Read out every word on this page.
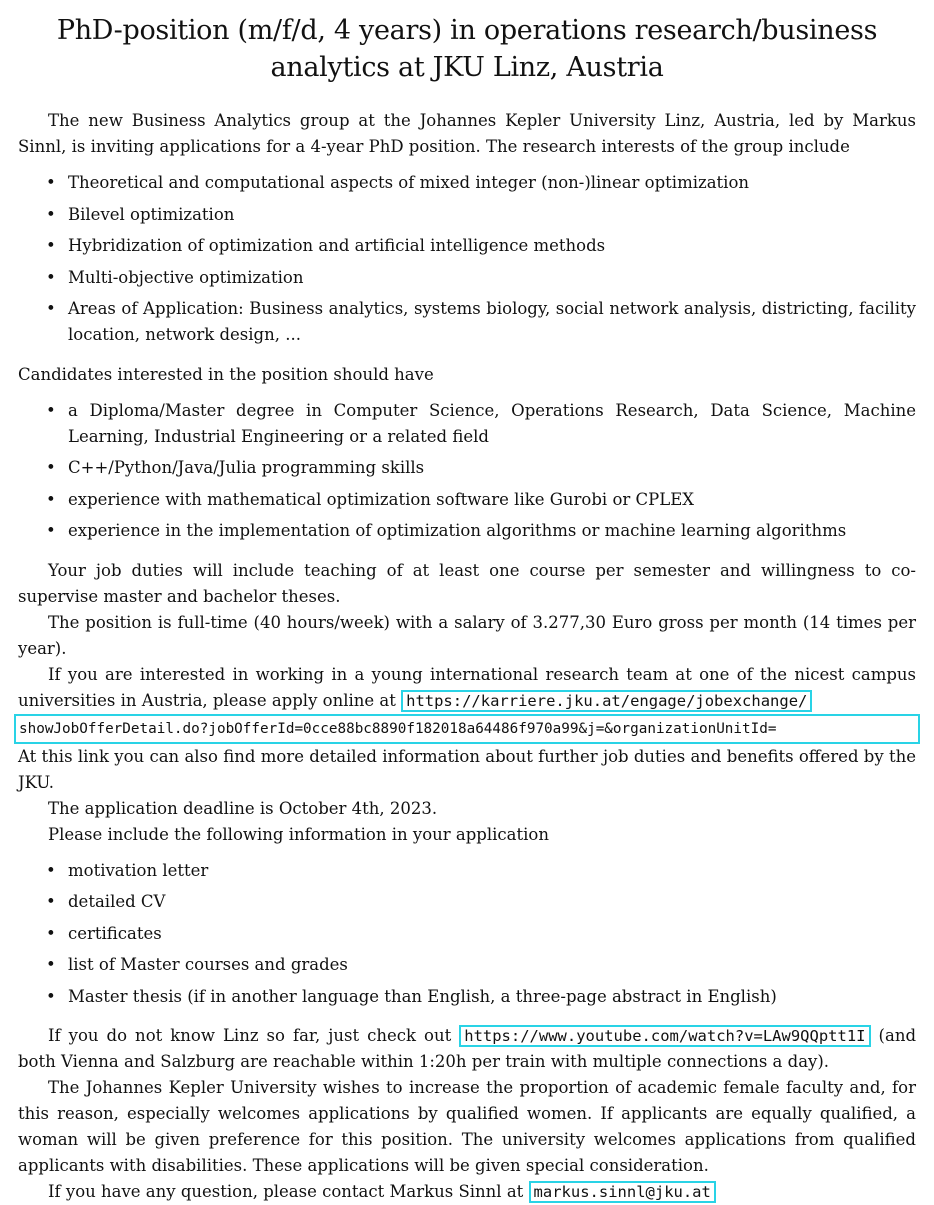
PhD-position (m/f/d, 4 years) in operations research/business analytics at JKU Linz, Austria

The new Business Analytics group at the Johannes Kepler University Linz, Austria, led by Markus Sinnl, is inviting applications for a 4-year PhD position. The research interests of the group include

• Theoretical and computational aspects of mixed integer (non-)linear optimization
• Bilevel optimization
• Hybridization of optimization and artificial intelligence methods
• Multi-objective optimization
• Areas of Application: Business analytics, systems biology, social network analysis, districting, facility location, network design, ...

Candidates interested in the position should have

• a Diploma/Master degree in Computer Science, Operations Research, Data Science, Machine Learning, Industrial Engineering or a related field
• C++/Python/Java/Julia programming skills
• experience with mathematical optimization software like Gurobi or CPLEX
• experience in the implementation of optimization algorithms or machine learning algorithms

Your job duties will include teaching of at least one course per semester and willingness to co-supervise master and bachelor theses.

The position is full-time (40 hours/week) with a salary of 3.277,30 Euro gross per month (14 times per year).

If you are interested in working in a young international research team at one of the nicest campus universities in Austria, please apply online at https://karriere.jku.at/engage/jobexchange/

showJobOfferDetail.do?jobOfferId=0cce88bc8890f182018a64486f970a99&j=&organizationUnitId=

At this link you can also find more detailed information about further job duties and benefits offered by the JKU.

The application deadline is October 4th, 2023.

Please include the following information in your application

• motivation letter
• detailed CV
• certificates
• list of Master courses and grades
• Master thesis (if in another language than English, a three-page abstract in English)

If you do not know Linz so far, just check out https://www.youtube.com/watch?v=LAw9QQptt1I (and both Vienna and Salzburg are reachable within 1:20h per train with multiple connections a day).

The Johannes Kepler University wishes to increase the proportion of academic female faculty and, for this reason, especially welcomes applications by qualified women. If applicants are equally qualified, a woman will be given preference for this position. The university welcomes applications from qualified applicants with disabilities. These applications will be given special consideration.

If you have any question, please contact Markus Sinnl at markus.sinnl@jku.at
